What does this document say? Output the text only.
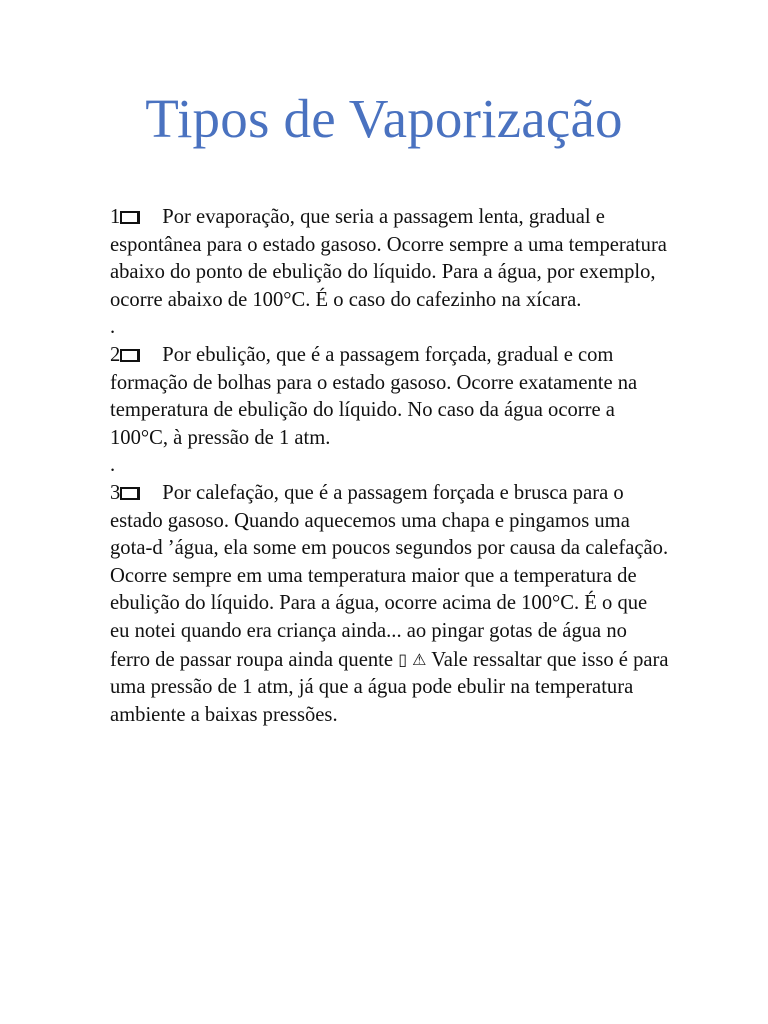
Tipos de Vaporização

1 Por evaporação, que seria a passagem lenta, gradual e espontânea para o estado gasoso. Ocorre sempre a uma temperatura abaixo do ponto de ebulição do líquido. Para a água, por exemplo, ocorre abaixo de 100°C. É o caso do cafezinho na xícara.

.

2 Por ebulição, que é a passagem forçada, gradual e com formação de bolhas para o estado gasoso. Ocorre exatamente na temperatura de ebulição do líquido. No caso da água ocorre a 100°C, à pressão de 1 atm.

.

3 Por calefação, que é a passagem forçada e brusca para o estado gasoso. Quando aquecemos uma chapa e pingamos uma gota-d ’água, ela some em poucos segundos por causa da calefação. Ocorre sempre em uma temperatura maior que a temperatura de ebulição do líquido. Para a água, ocorre acima de 100°C. É o que eu notei quando era criança ainda... ao pingar gotas de água no ferro de passar roupa ainda quente ▯ ⚠ Vale ressaltar que isso é para uma pressão de 1 atm, já que a água pode ebulir na temperatura ambiente a baixas pressões.
